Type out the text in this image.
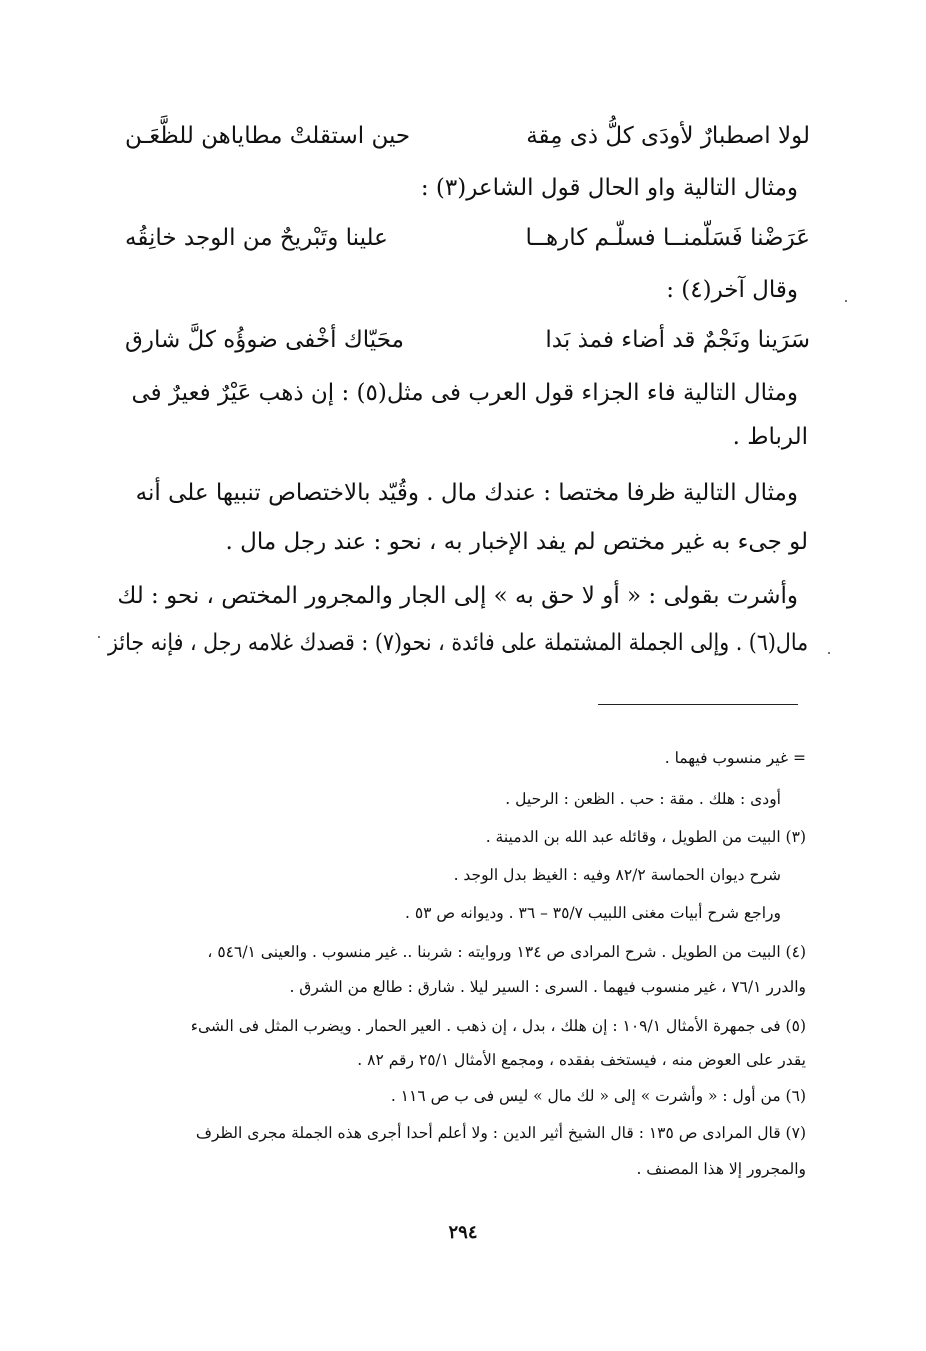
لولا اصطبارٌ لأودَى كلُّ ذى مِقة
حين استقلتْ مطاياهن للظَّعَـن
ومثال التالية واو الحال قول الشاعر(٣) :
عَرَضْنا فَسَلّمنــا فسلّـم كارهــا
علينا وتَبْريحٌ من الوجد خانِقُه
وقال آخر(٤) :
سَرَينا ونَجْمٌ قد أضاء فمذ بَدا
محَيّاك أخْفى ضوؤُه كلَّ شارق
ومثال التالية فاء الجزاء قول العرب فى مثل(٥) : إن ذهب عَيْرٌ فعيرٌ فى
الرباط .
ومثال التالية ظرفا مختصا : عندك مال . وقُيّد بالاختصاص تنبيها على أنه
لو جىء به غير مختص لم يفد الإخبار به ، نحو : عند رجل مال .
وأشرت بقولى : « أو لا حق به » إلى الجار والمجرور المختص ، نحو : لك
مال(٦) . وإلى الجملة المشتملة على فائدة ، نحو(٧) : قصدك غلامه رجل ، فإنه جائز
= غير منسوب فيهما .
أودى : هلك . مقة : حب . الظعن : الرحيل .
(٣) البيت من الطويل ، وقائله عبد الله بن الدمينة .
شرح ديوان الحماسة ٨٢/٢ وفيه : الغيظ بدل الوجد .
وراجع شرح أبيات مغنى اللبيب ٣٥/٧ – ٣٦ . وديوانه ص ٥٣ .
(٤) البيت من الطويل . شرح المرادى ص ١٣٤ وروايته : شربنا .. غير منسوب . والعينى ٥٤٦/١ ،
والدرر ٧٦/١ ، غير منسوب فيهما . السرى : السير ليلا . شارق : طالع من الشرق .
(٥) فى جمهرة الأمثال ١٠٩/١ : إن هلك ، بدل ، إن ذهب . العير الحمار . ويضرب المثل فى الشىء
يقدر على العوض منه ، فيستخف بفقده ، ومجمع الأمثال ٢٥/١ رقم ٨٢ .
(٦) من أول : « وأشرت » إلى « لك مال » ليس فى ب ص ١١٦ .
(٧) قال المرادى ص ١٣٥ : قال الشيخ أثير الدين : ولا أعلم أحدا أجرى هذه الجملة مجرى الظرف
والمجرور إلا هذا المصنف .
٢٩٤
